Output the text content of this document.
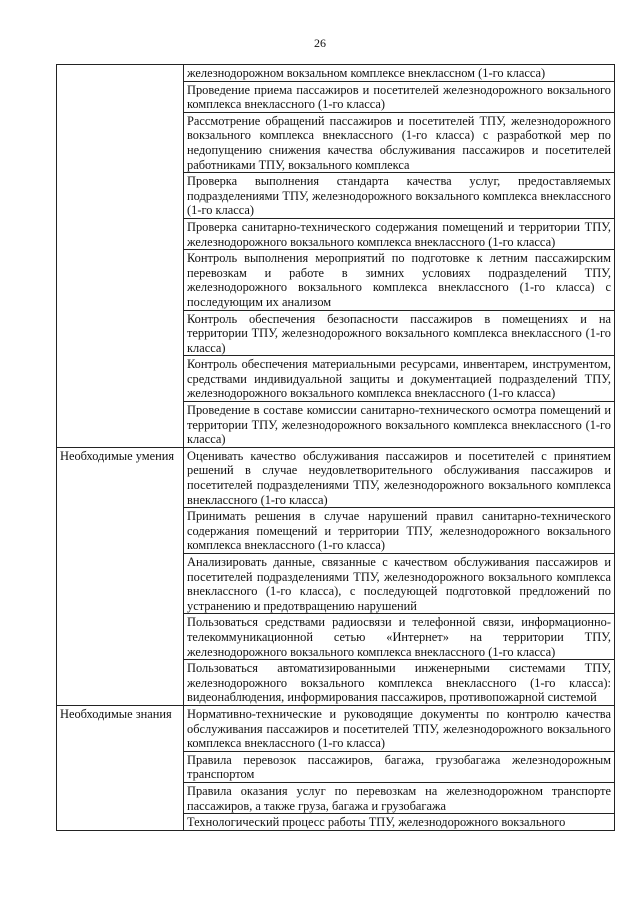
26
	железнодорожном вокзальном комплексе внеклассном (1-го класса)
	Проведение приема пассажиров и посетителей железнодорожного вокзального комплекса внеклассного (1-го класса)
	Рассмотрение обращений пассажиров и посетителей ТПУ, железнодорожного вокзального комплекса внеклассного (1-го класса) с разработкой мер по недопущению снижения качества обслуживания пассажиров и посетителей работниками ТПУ, вокзального комплекса
	Проверка выполнения стандарта качества услуг, предоставляемых подразделениями ТПУ, железнодорожного вокзального комплекса внеклассного (1-го класса)
	Проверка санитарно-технического содержания помещений и территории ТПУ, железнодорожного вокзального комплекса внеклассного (1-го класса)
	Контроль выполнения мероприятий по подготовке к летним пассажирским перевозкам и работе в зимних условиях подразделений ТПУ, железнодорожного вокзального комплекса внеклассного (1-го класса) с последующим их анализом
	Контроль обеспечения безопасности пассажиров в помещениях и на территории ТПУ, железнодорожного вокзального комплекса внеклассного (1-го класса)
	Контроль обеспечения материальными ресурсами, инвентарем, инструментом, средствами индивидуальной защиты и документацией подразделений ТПУ, железнодорожного вокзального комплекса внеклассного (1-го класса)
	Проведение в составе комиссии санитарно-технического осмотра помещений и территории ТПУ, железнодорожного вокзального комплекса внеклассного (1-го класса)
Необходимые умения	Оценивать качество обслуживания пассажиров и посетителей с принятием решений в случае неудовлетворительного обслуживания пассажиров и посетителей подразделениями ТПУ, железнодорожного вокзального комплекса внеклассного (1-го класса)
	Принимать решения в случае нарушений правил санитарно-технического содержания помещений и территории ТПУ, железнодорожного вокзального комплекса внеклассного (1-го класса)
	Анализировать данные, связанные с качеством обслуживания пассажиров и посетителей подразделениями ТПУ, железнодорожного вокзального комплекса внеклассного (1-го класса), с последующей подготовкой предложений по устранению и предотвращению нарушений
	Пользоваться средствами радиосвязи и телефонной связи, информационно-телекоммуникационной сетью «Интернет» на территории ТПУ, железнодорожного вокзального комплекса внеклассного (1-го класса)
	Пользоваться автоматизированными инженерными системами ТПУ, железнодорожного вокзального комплекса внеклассного (1-го класса): видеонаблюдения, информирования пассажиров, противопожарной системой
Необходимые знания	Нормативно-технические и руководящие документы по контролю качества обслуживания пассажиров и посетителей ТПУ, железнодорожного вокзального комплекса внеклассного (1-го класса)
	Правила перевозок пассажиров, багажа, грузобагажа железнодорожным транспортом
	Правила оказания услуг по перевозкам на железнодорожном транспорте пассажиров, а также груза, багажа и грузобагажа
	Технологический процесс работы ТПУ, железнодорожного вокзального
